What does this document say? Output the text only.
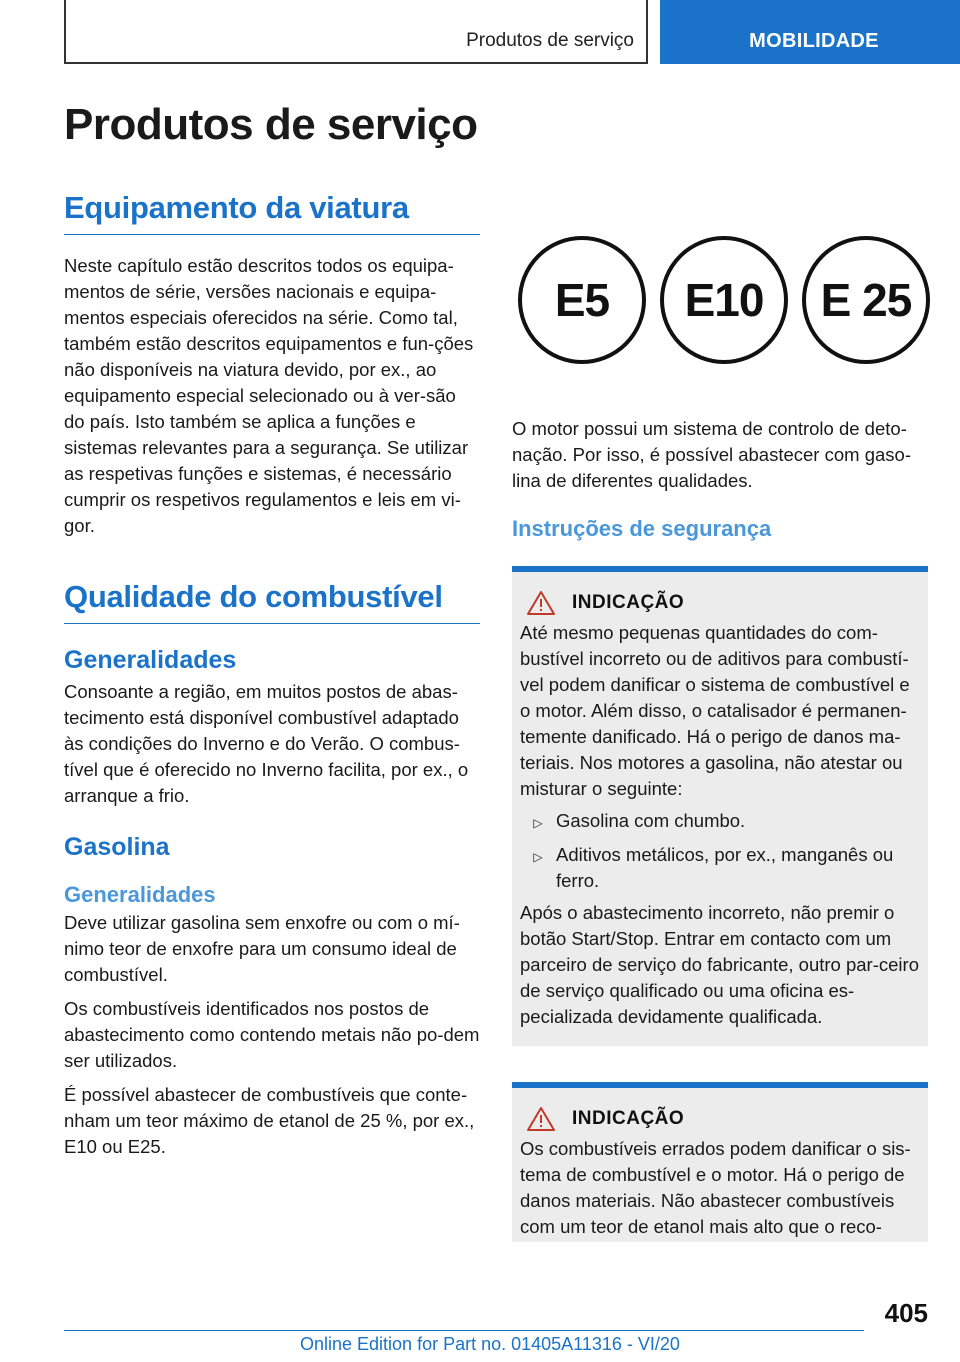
Produtos de serviço	MOBILIDADE
Produtos de serviço
Equipamento da viatura

Neste capítulo estão descritos todos os equipa-mentos de série, versões nacionais e equipa-mentos especiais oferecidos na série. Como tal, também estão descritos equipamentos e fun-ções não disponíveis na viatura devido, por ex., ao equipamento especial selecionado ou à ver-são do país. Isto também se aplica a funções e sistemas relevantes para a segurança. Se utilizar as respetivas funções e sistemas, é necessário cumprir os respetivos regulamentos e leis em vi-gor.

Qualidade do combustível
Generalidades

Consoante a região, em muitos postos de abas-tecimento está disponível combustível adaptado às condições do Inverno e do Verão. O combus-tível que é oferecido no Inverno facilita, por ex., o arranque a frio.

Gasolina
Generalidades

Deve utilizar gasolina sem enxofre ou com o mí-nimo teor de enxofre para um consumo ideal de combustível.

Os combustíveis identificados nos postos de abastecimento como contendo metais não po-dem ser utilizados.

É possível abastecer de combustíveis que conte-nham um teor máximo de etanol de 25 %, por ex., E10 ou E25.

E5	E10	E 25

O motor possui um sistema de controlo de deto-nação. Por isso, é possível abastecer com gaso-lina de diferentes qualidades.

Instruções de segurança
INDICAÇÃO

Até mesmo pequenas quantidades do com-bustível incorreto ou de aditivos para combustí-vel podem danificar o sistema de combustível e o motor. Além disso, o catalisador é permanen-temente danificado. Há o perigo de danos ma-teriais. Nos motores a gasolina, não atestar ou misturar o seguinte:

▷ Gasolina com chumbo.
▷ Aditivos metálicos, por ex., manganês ou ferro.

Após o abastecimento incorreto, não premir o botão Start/Stop. Entrar em contacto com um parceiro de serviço do fabricante, outro par-ceiro de serviço qualificado ou uma oficina es-pecializada devidamente qualificada.

INDICAÇÃO

Os combustíveis errados podem danificar o sis-tema de combustível e o motor. Há o perigo de danos materiais. Não abastecer combustíveis com um teor de etanol mais alto que o reco-

405
Online Edition for Part no. 01405A11316 - VI/20
